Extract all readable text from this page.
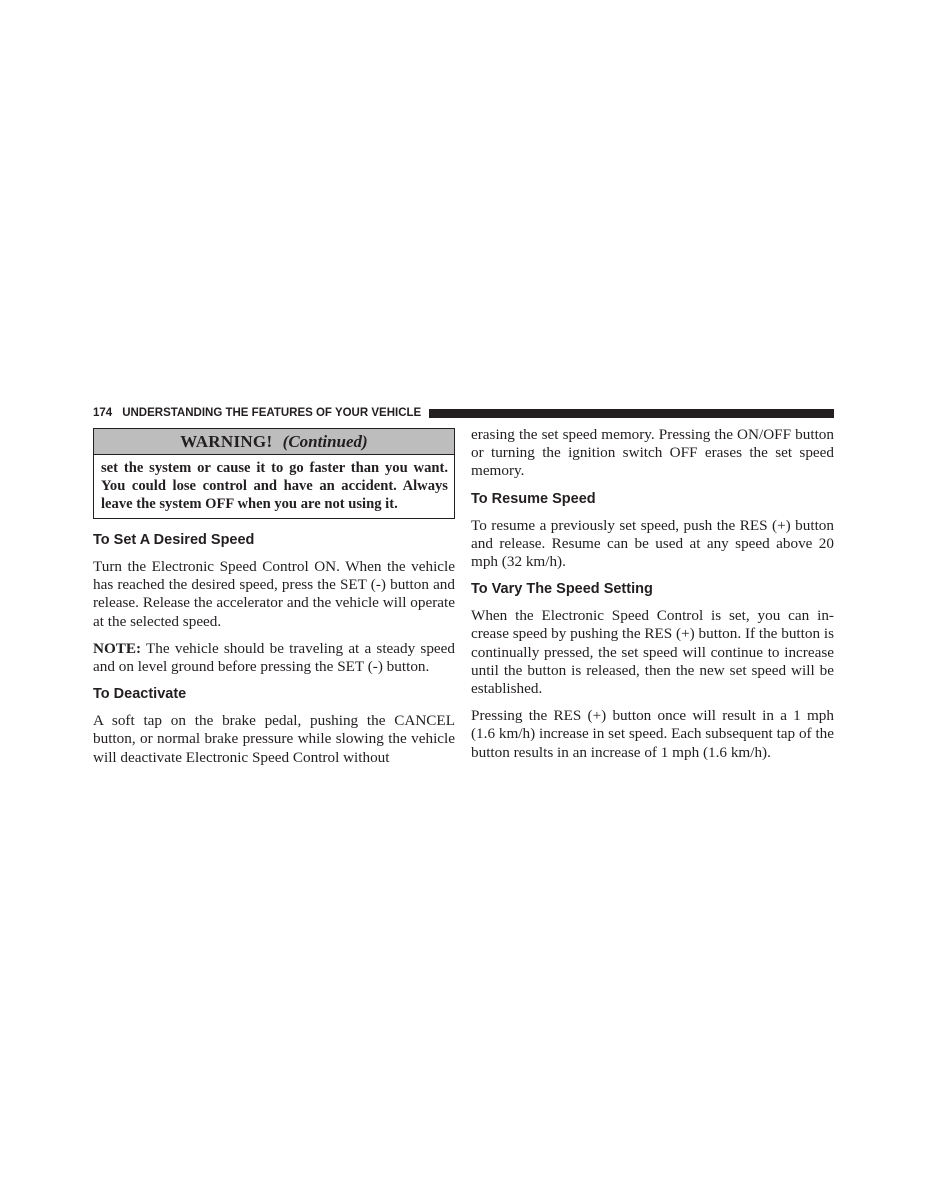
174 UNDERSTANDING THE FEATURES OF YOUR VEHICLE
WARNING! (Continued)
set the system or cause it to go faster than you want. You could lose control and have an accident. Always leave the system OFF when you are not using it.
To Set A Desired Speed

Turn the Electronic Speed Control ON. When the vehicle has reached the desired speed, press the SET (-) button and release. Release the accelerator and the vehicle will operate at the selected speed.

NOTE: The vehicle should be traveling at a steady speed and on level ground before pressing the SET (-) button.

To Deactivate

A soft tap on the brake pedal, pushing the CANCEL button, or normal brake pressure while slowing the vehicle will deactivate Electronic Speed Control without

erasing the set speed memory. Pressing the ON/OFF button or turning the ignition switch OFF erases the set speed memory.

To Resume Speed

To resume a previously set speed, push the RES (+) button and release. Resume can be used at any speed above 20 mph (32 km/h).

To Vary The Speed Setting

When the Electronic Speed Control is set, you can in-crease speed by pushing the RES (+) button. If the button is continually pressed, the set speed will continue to increase until the button is released, then the new set speed will be established.

Pressing the RES (+) button once will result in a 1 mph (1.6 km/h) increase in set speed. Each subsequent tap of the button results in an increase of 1 mph (1.6 km/h).
